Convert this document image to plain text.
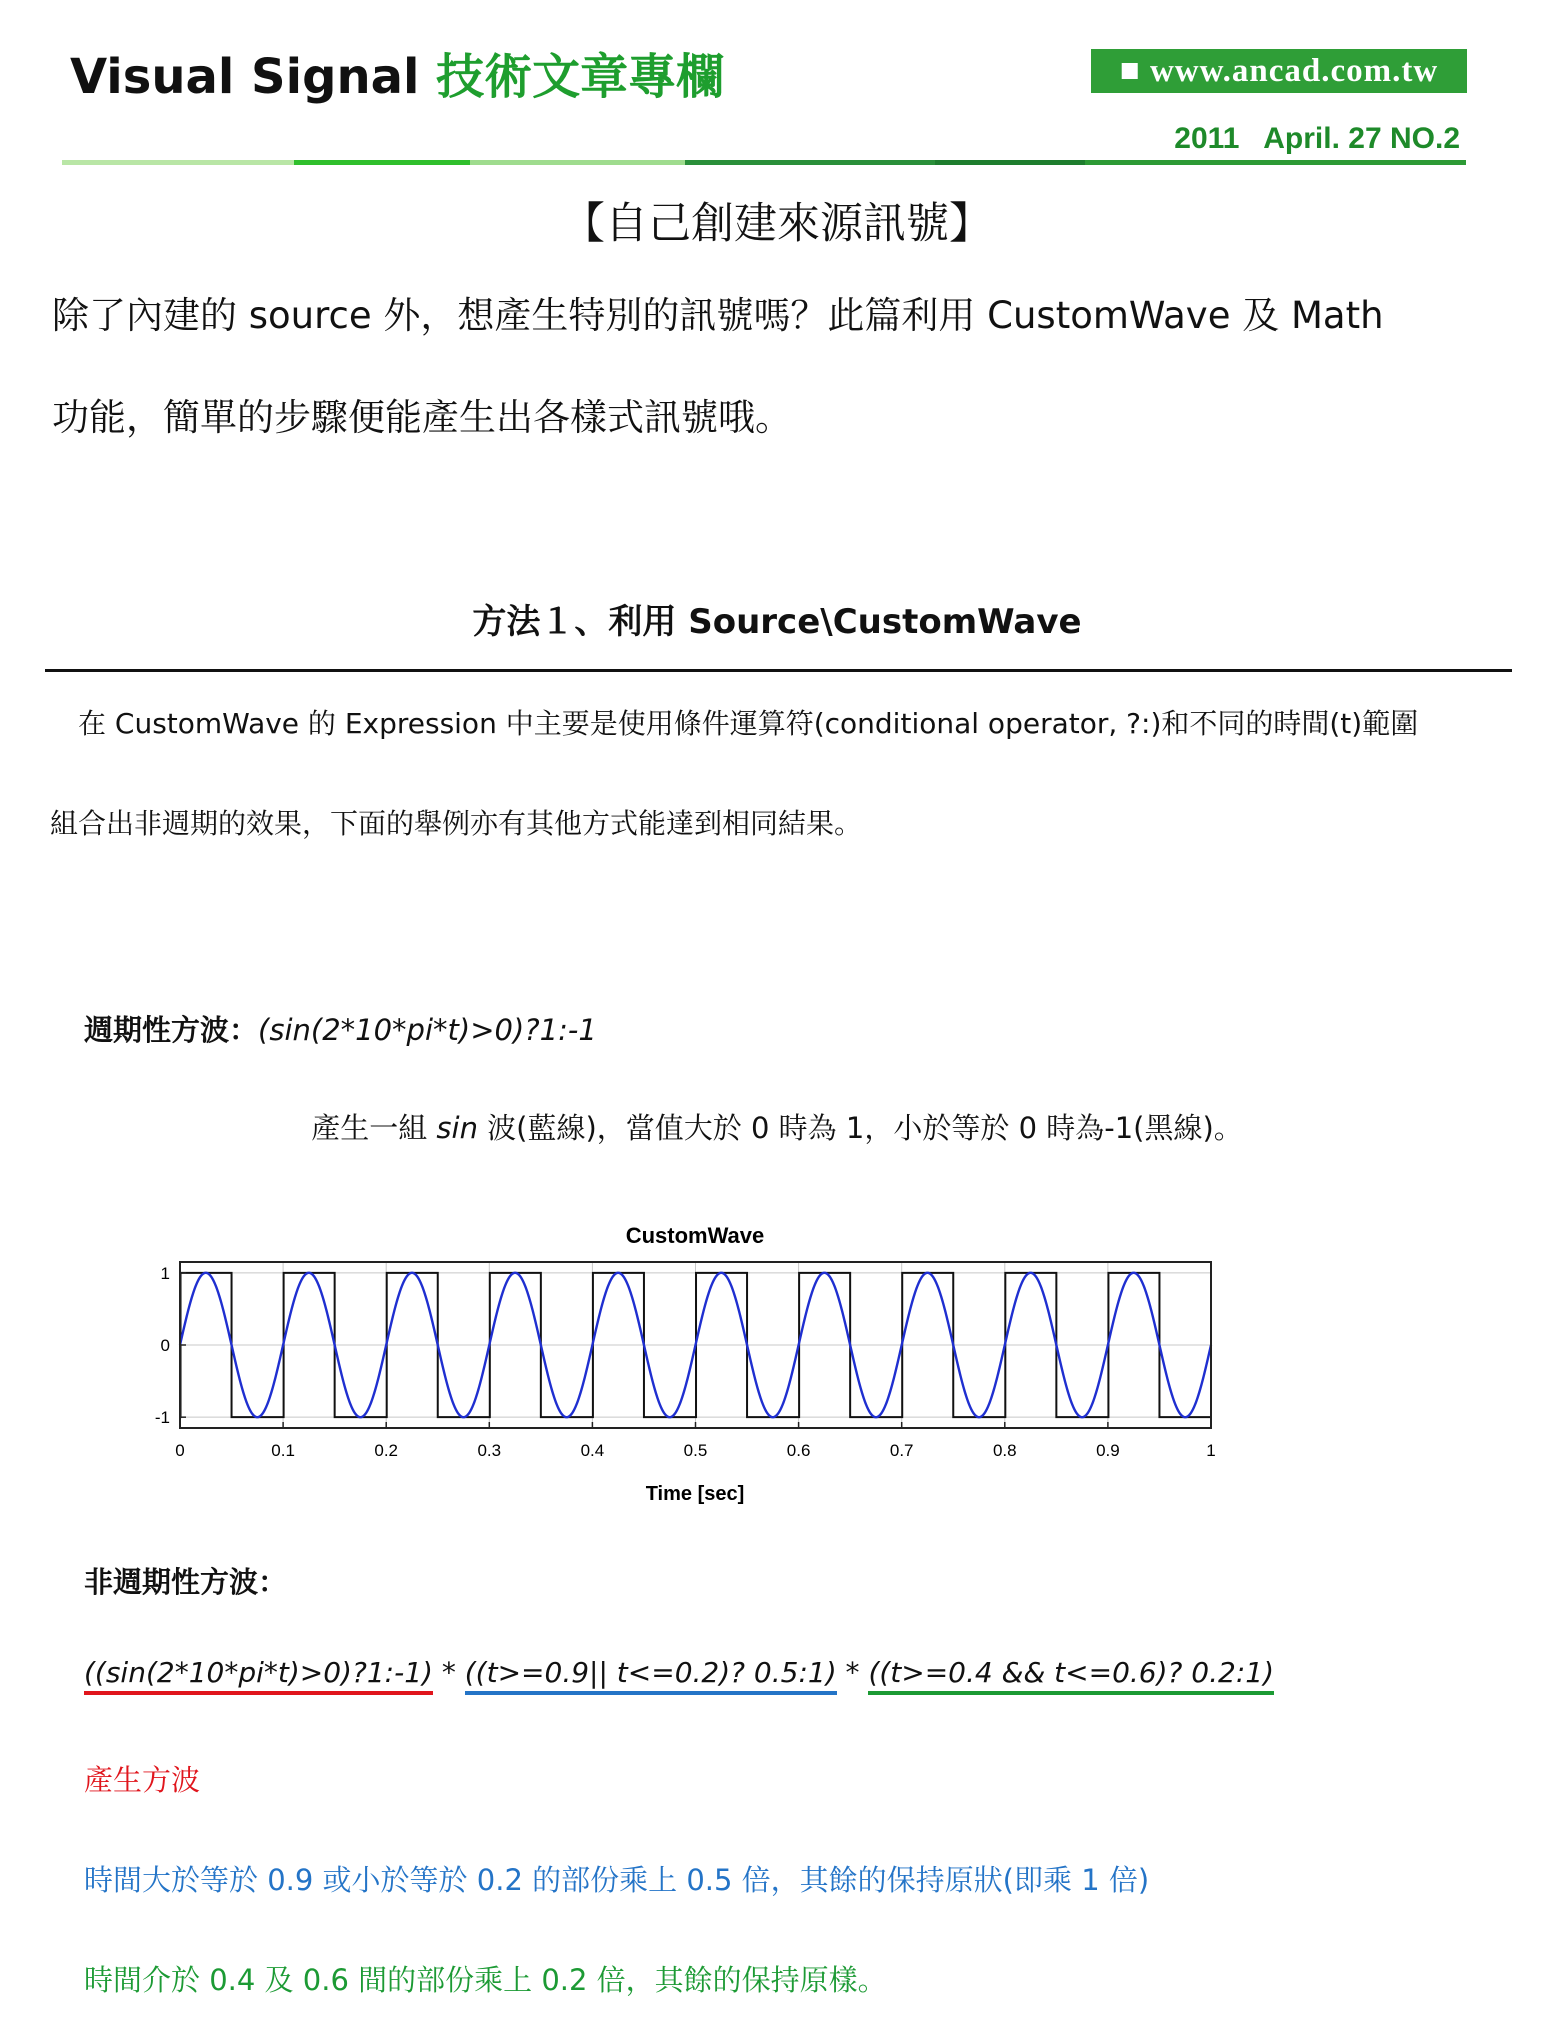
Visual Signal 技術文章專欄	■ www.ancad.com.tw
2011   April. 27 NO.2
【自己創建來源訊號】
除了內建的 source 外，想產生特別的訊號嗎？此篇利用 CustomWave 及 Math
功能，簡單的步驟便能產生出各樣式訊號哦。
方法１、利用 Source\CustomWave
　在 CustomWave 的 Expression 中主要是使用條件運算符(conditional operator, ?:)和不同的時間(t)範圍
組合出非週期的效果，下面的舉例亦有其他方式能達到相同結果。
週期性方波：(sin(2*10*pi*t)>0)?1:-1
產生一組 sin 波(藍線)，當值大於 0 時為 1，小於等於 0 時為-1(黑線)。
CustomWave
0	0.1	0.2	0.3	0.4	0.5	0.6	0.7	0.8	0.9	1
1
0
-1
Time [sec]
非週期性方波：
((sin(2*10*pi*t)>0)?1:-1) * ((t>=0.9|| t<=0.2)? 0.5:1) * ((t>=0.4 && t<=0.6)? 0.2:1)
產生方波
時間大於等於 0.9 或小於等於 0.2 的部份乘上 0.5 倍，其餘的保持原狀(即乘 1 倍)
時間介於 0.4 及 0.6 間的部份乘上 0.2 倍，其餘的保持原樣。
